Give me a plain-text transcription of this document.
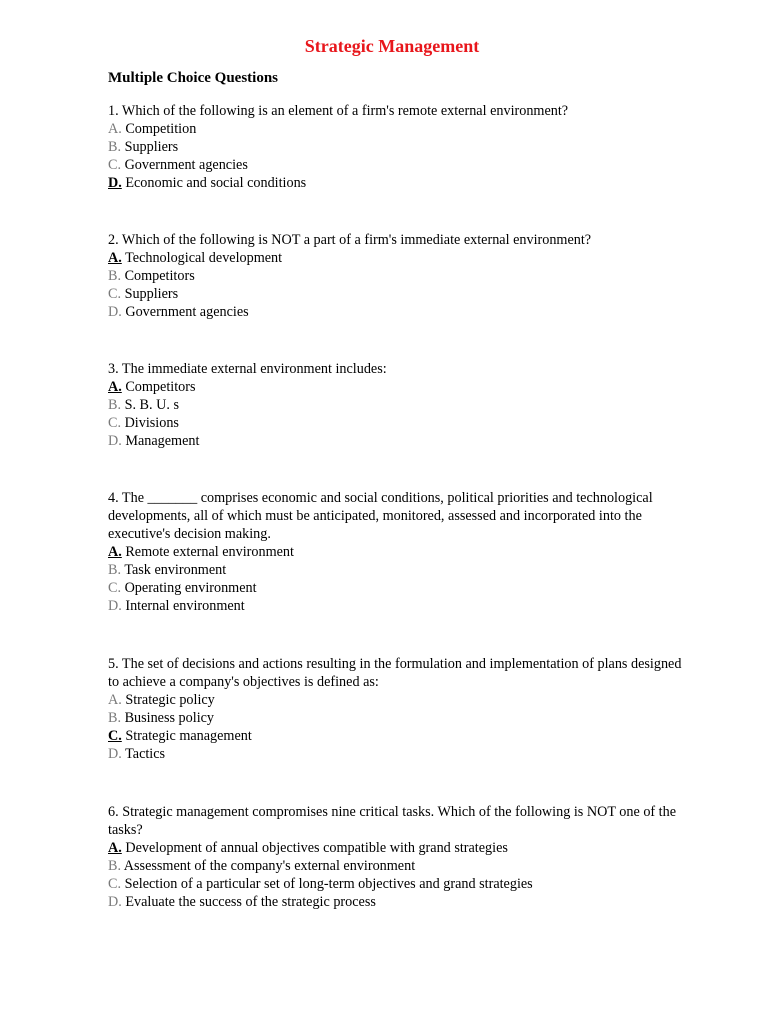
Strategic Management
Multiple Choice Questions

1. Which of the following is an element of a firm's remote external environment?

A. Competition

B. Suppliers

C. Government agencies

D. Economic and social conditions

2. Which of the following is NOT a part of a firm's immediate external environment?

A. Technological development

B. Competitors

C. Suppliers

D. Government agencies

3. The immediate external environment includes:

A. Competitors

B. S. B. U. s

C. Divisions

D. Management

4. The _______ comprises economic and social conditions, political priorities and technological developments, all of which must be anticipated, monitored, assessed and incorporated into the executive's decision making.

A. Remote external environment

B. Task environment

C. Operating environment

D. Internal environment

5. The set of decisions and actions resulting in the formulation and implementation of plans designed to achieve a company's objectives is defined as:

A. Strategic policy

B. Business policy

C. Strategic management

D. Tactics

6. Strategic management compromises nine critical tasks. Which of the following is NOT one of the tasks?

A. Development of annual objectives compatible with grand strategies

B. Assessment of the company's external environment

C. Selection of a particular set of long-term objectives and grand strategies

D. Evaluate the success of the strategic process
